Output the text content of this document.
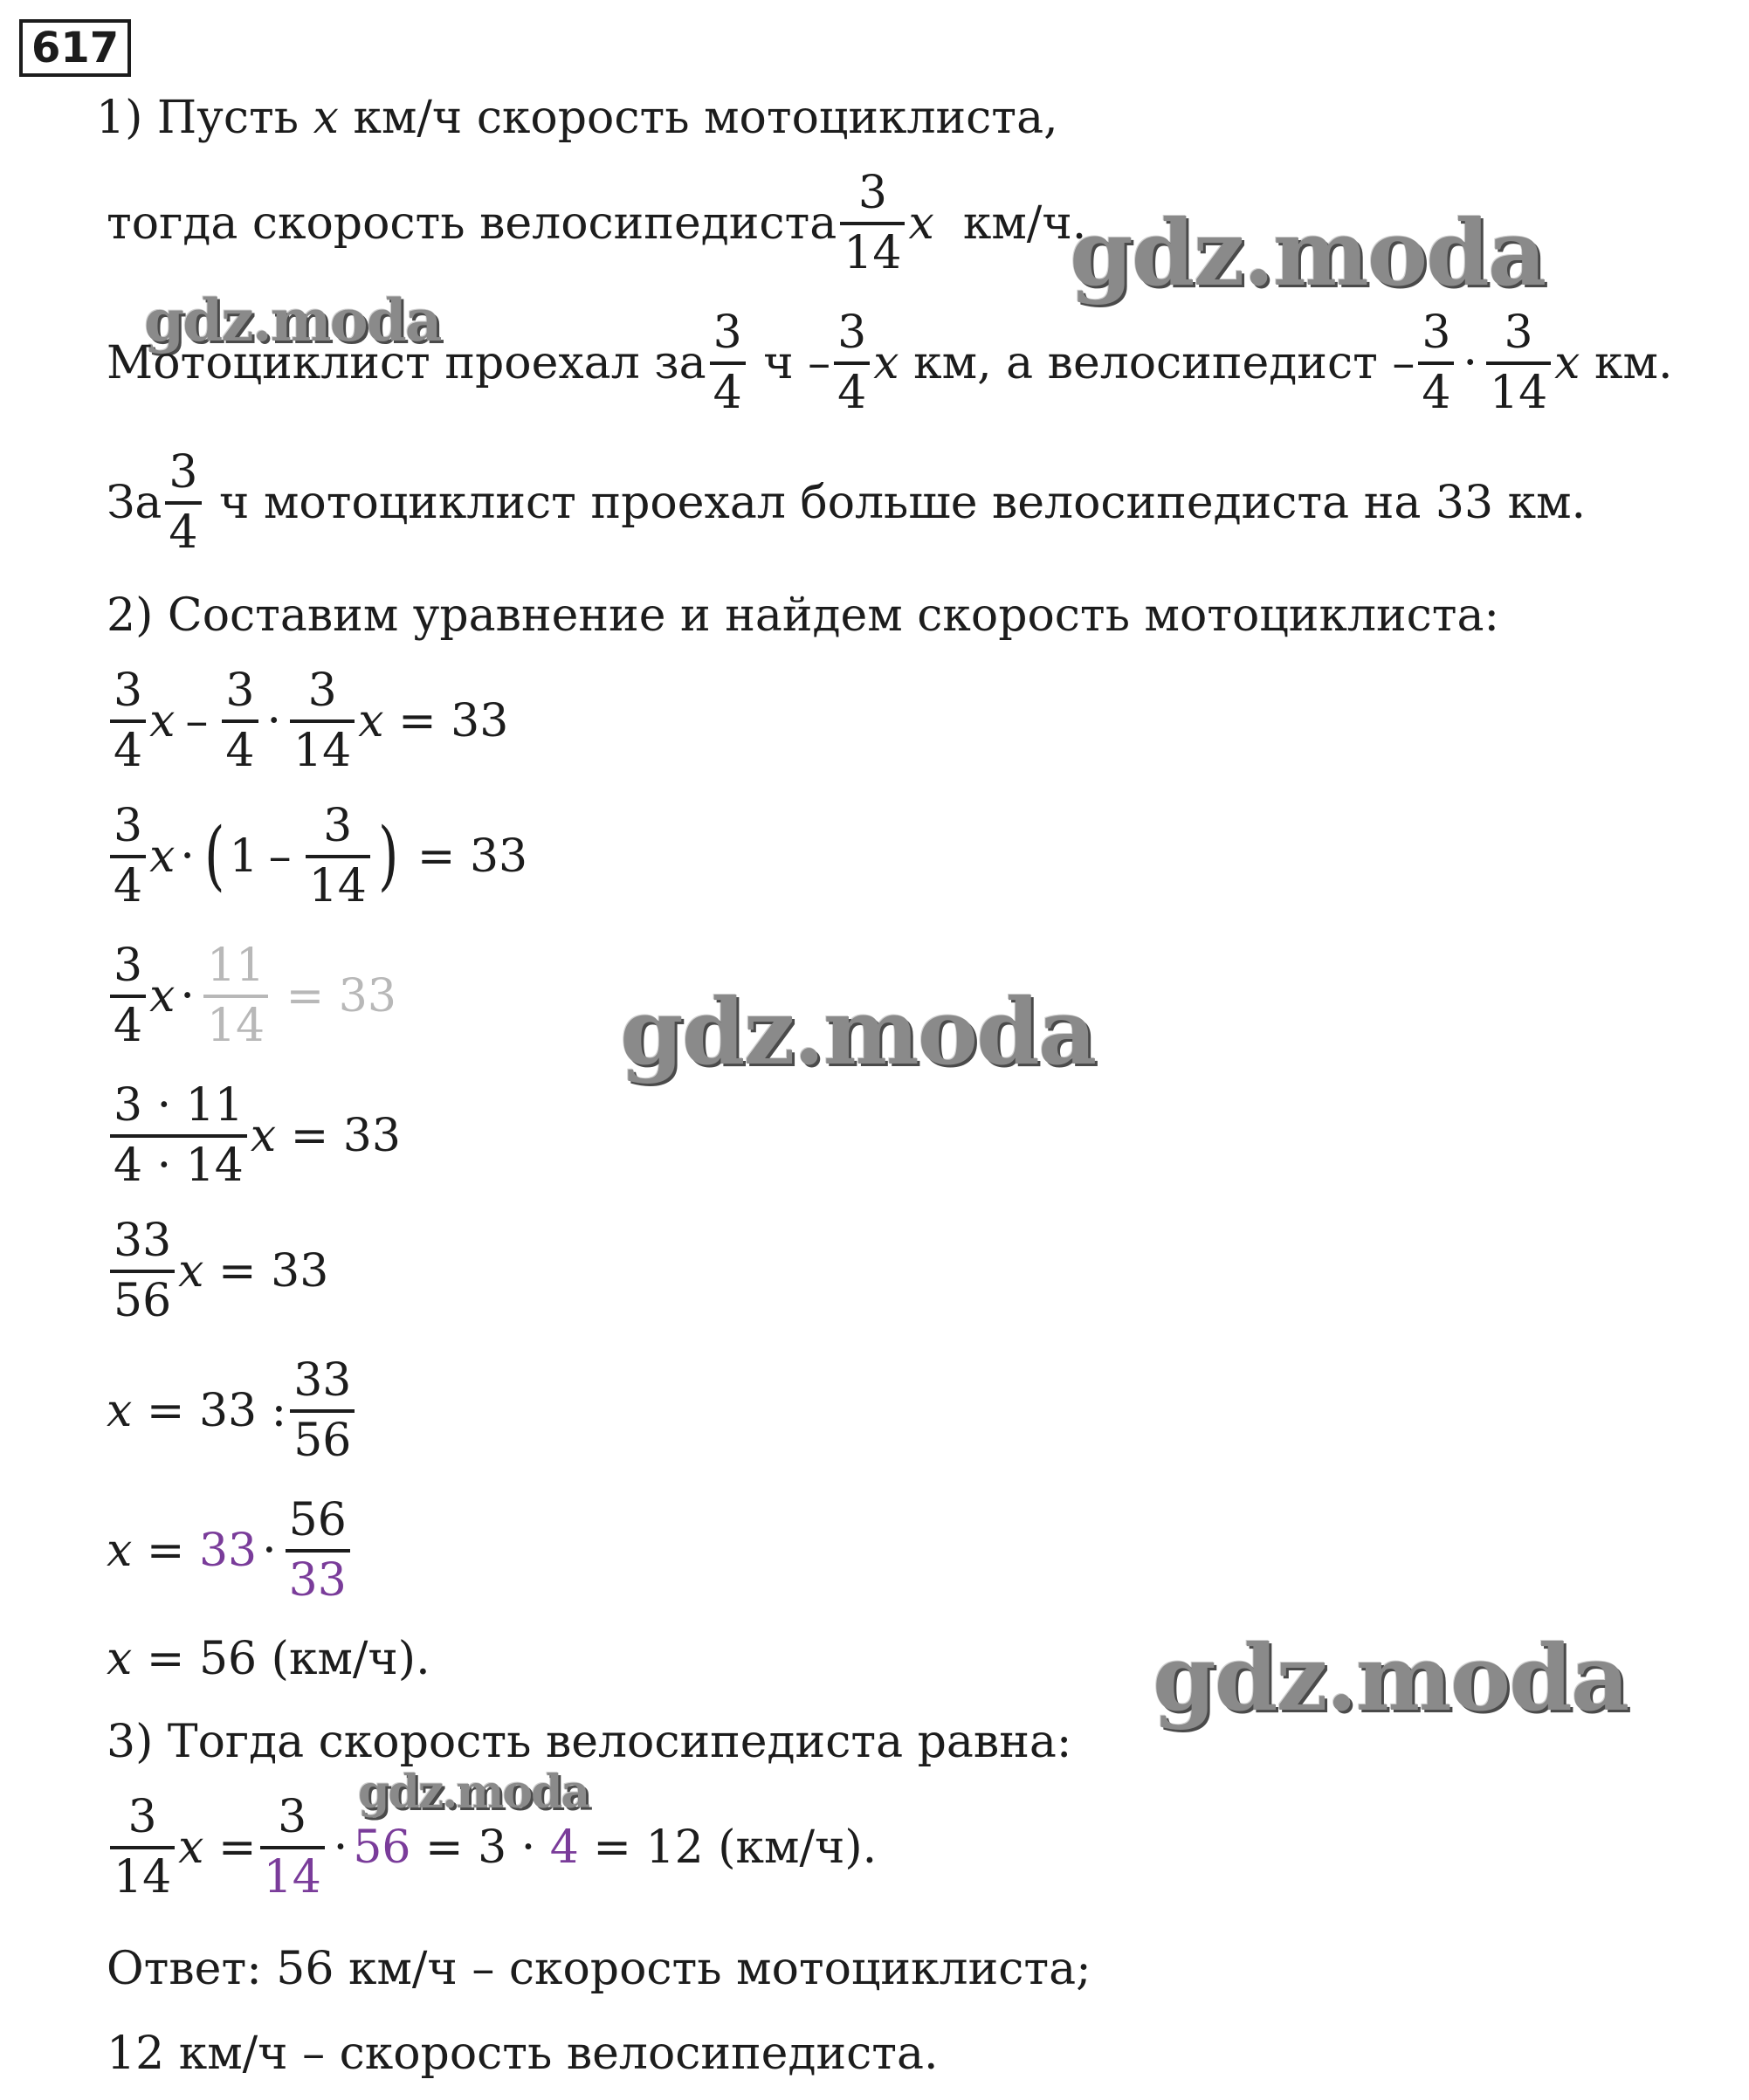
617
gdz.moda
gdz.moda
gdz.moda
gdz.moda
gdz.moda
1) Пусть
x
км/ч скорость мотоциклиста,
тогда скорость велосипедиста $\frac{3}{14}$ x
км/ч.
Мотоциклист проехал за $\frac{3}{4}$
ч – $\frac{3}{4}$ x
км, а велосипедист – $\frac{3}{4} \cdot \frac{3}{14}$ x
км.
За $\frac{3}{4}$
ч мотоциклист проехал больше велосипедиста на 33 км.
2) Составим уравнение и найдем скорость мотоциклиста:
$\frac{3}{4}$ $x - \frac{3}{4} \cdot \frac{3}{14}$ x
= 33
$\frac{3}{4}$ x · ( $1 - \frac{3}{14}$ )
= 33
$\frac{3}{4}$ $x \cdot \frac{11}{14}$
= 33
$\frac{3 \cdot 11}{4 \cdot 14}$ x
= 33
$\frac{33}{56}$ x
= 33
x
= 33 : $\frac{33}{56}$
x
=
$33 \cdot \frac{56}{33}$
x
= 56 (км/ч).
3) Тогда скорость велосипедиста равна:
$\frac{3}{14}$ x
= $\frac{3}{14} \cdot 56$
= 3 ·
4
= 12 (км/ч).
Ответ: 56 км/ч – скорость мотоциклиста;
12 км/ч – скорость велосипедиста.
